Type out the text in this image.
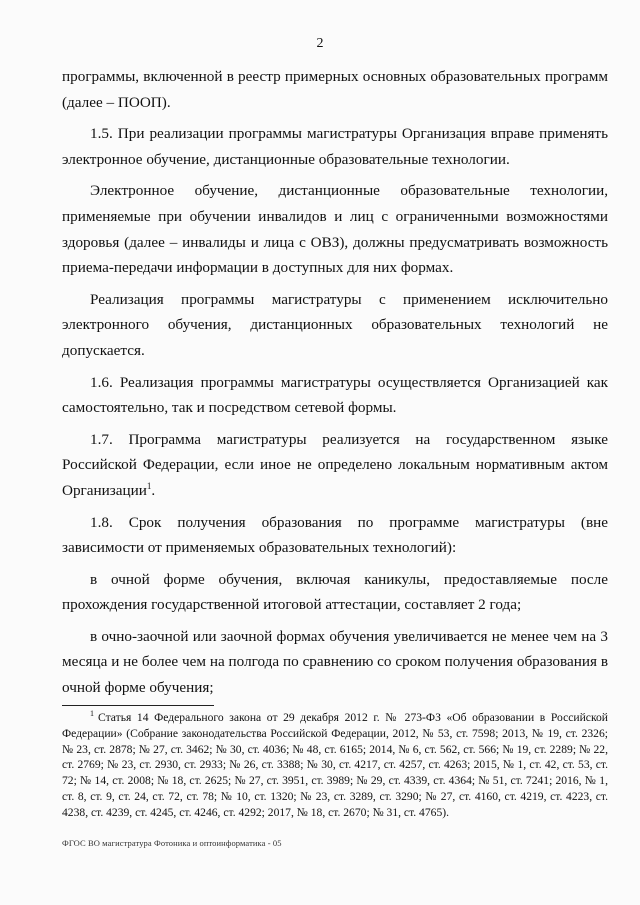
2

программы, включенной в реестр примерных основных образовательных программ (далее – ПООП).

1.5. При реализации программы магистратуры Организация вправе применять электронное обучение, дистанционные образовательные технологии.

Электронное обучение, дистанционные образовательные технологии, применяемые при обучении инвалидов и лиц с ограниченными возможностями здоровья (далее – инвалиды и лица с ОВЗ), должны предусматривать возможность приема-передачи информации в доступных для них формах.

Реализация программы магистратуры с применением исключительно электронного обучения, дистанционных образовательных технологий не допускается.

1.6. Реализация программы магистратуры осуществляется Организацией как самостоятельно, так и посредством сетевой формы.

1.7. Программа магистратуры реализуется на государственном языке Российской Федерации, если иное не определено локальным нормативным актом Организации$^1$.

1.8. Срок получения образования по программе магистратуры (вне зависимости от применяемых образовательных технологий):

в очной форме обучения, включая каникулы, предоставляемые после прохождения государственной итоговой аттестации, составляет 2 года;

в очно-заочной или заочной формах обучения увеличивается не менее чем на 3 месяца и не более чем на полгода по сравнению со сроком получения образования в очной форме обучения;

$^1$ Статья 14 Федерального закона от 29 декабря 2012 г. № 273-ФЗ «Об образовании в Российской Федерации» (Собрание законодательства Российской Федерации, 2012, № 53, ст. 7598; 2013, № 19, ст. 2326; № 23, ст. 2878; № 27, ст. 3462; № 30, ст. 4036; № 48, ст. 6165; 2014, № 6, ст. 562, ст. 566; № 19, ст. 2289; № 22, ст. 2769; № 23, ст. 2930, ст. 2933; № 26, ст. 3388; № 30, ст. 4217, ст. 4257, ст. 4263; 2015, № 1, ст. 42, ст. 53, ст. 72; № 14, ст. 2008; № 18, ст. 2625; № 27, ст. 3951, ст. 3989; № 29, ст. 4339, ст. 4364; № 51, ст. 7241; 2016, № 1, ст. 8, ст. 9, ст. 24, ст. 72, ст. 78; № 10, ст. 1320; № 23, ст. 3289, ст. 3290; № 27, ст. 4160, ст. 4219, ст. 4223, ст. 4238, ст. 4239, ст. 4245, ст. 4246, ст. 4292; 2017, № 18, ст. 2670; № 31, ст. 4765).
ФГОС ВО магистратура Фотоника и оптоинформатика - 05
